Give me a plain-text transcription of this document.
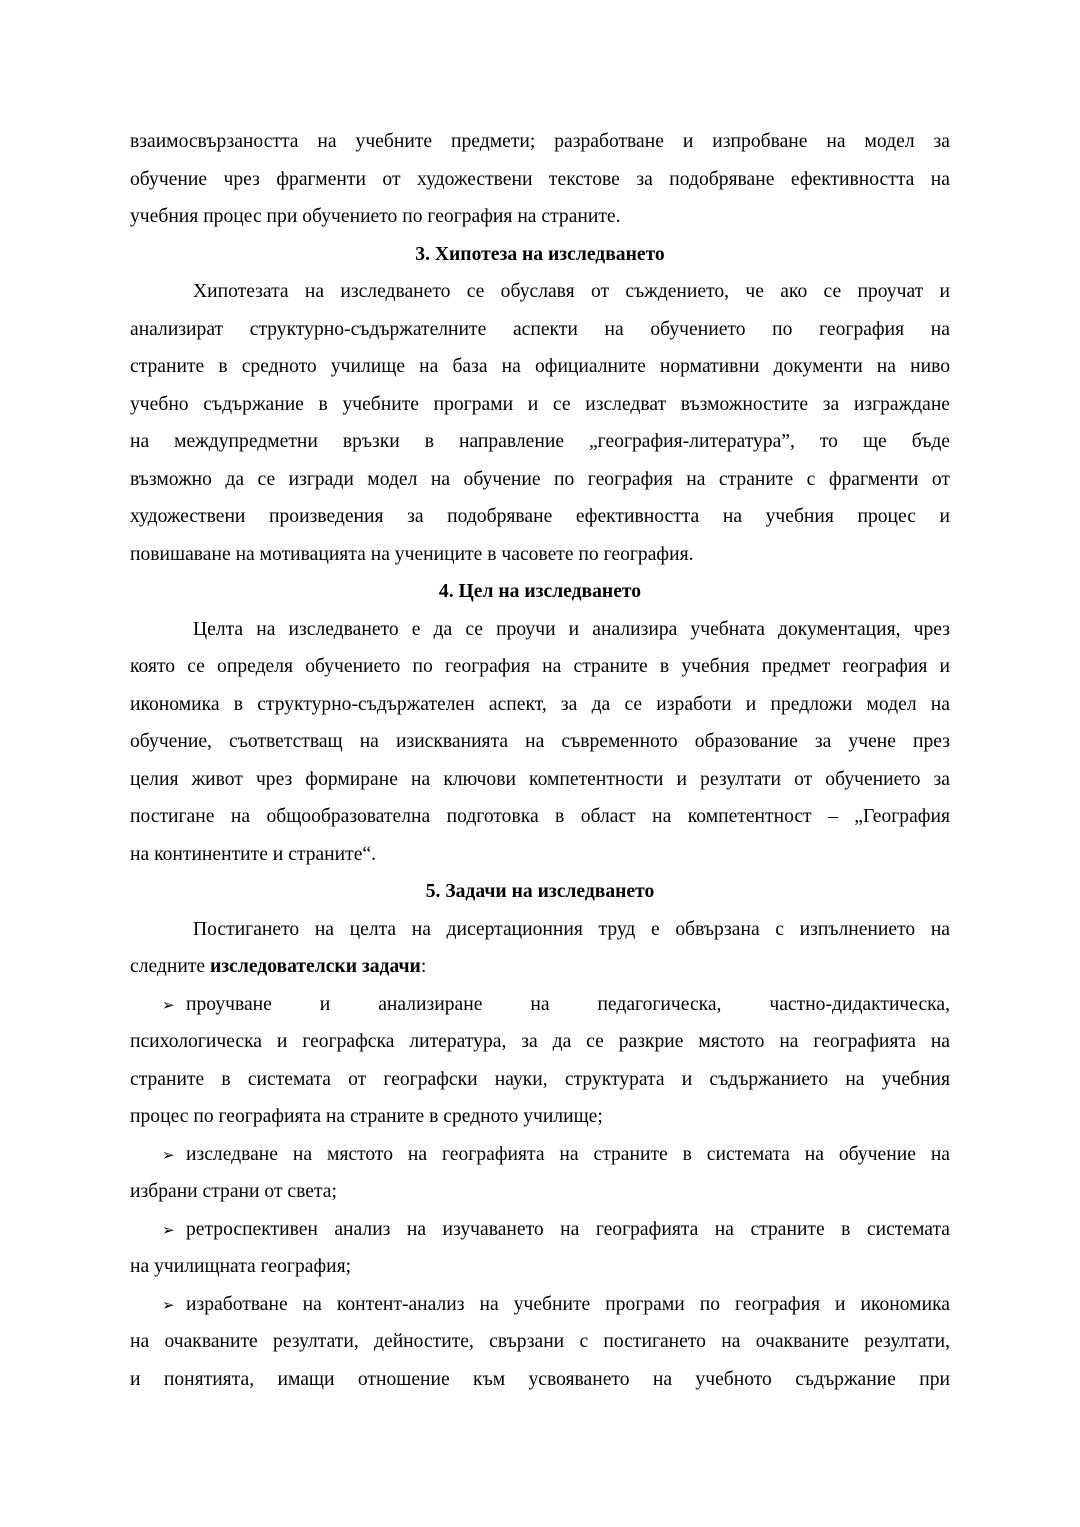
взаимосвързаността на учебните предмети; разработване и изпробване на модел за
обучение чрез фрагменти от художествени текстове за подобряване ефективността на
учебния процес при обучението по география на страните.
3. Хипотеза на изследването
Хипотезата на изследването се обуславя от съждението, че ако се проучат и
анализират структурно-съдържателните аспекти на обучението по география на
страните в средното училище на база на официалните нормативни документи на ниво
учебно съдържание в учебните програми и се изследват възможностите за изграждане
на междупредметни връзки в направление „география-литература”, то ще бъде
възможно да се изгради модел на обучение по география на страните с фрагменти от
художествени произведения за подобряване ефективността на учебния процес и
повишаване на мотивацията на учениците в часовете по география.
4. Цел на изследването
Целта на изследването е да се проучи и анализира учебната документация, чрез
която се определя обучението по география на страните в учебния предмет география и
икономика в структурно-съдържателен аспект, за да се изработи и предложи модел на
обучение, съответстващ на изискванията на съвременното образование за учене през
целия живот чрез формиране на ключови компетентности и резултати от обучението за
постигане на общообразователна подготовка в област на компетентност – „География
на континентите и страните“.
5. Задачи на изследването
Постигането на целта на дисертационния труд е обвързана с изпълнението на
следните изследователски задачи:
➢ проучване и анализиране на педагогическа, частно-дидактическа,
психологическа и географска литература, за да се разкрие мястото на географията на
страните в системата от географски науки, структурата и съдържанието на учебния
процес по географията на страните в средното училище;
➢ изследване на мястото на географията на страните в системата на обучение на
избрани страни от света;
➢ ретроспективен анализ на изучаването на географията на страните в системата
на училищната география;
➢ изработване на контент-анализ на учебните програми по география и икономика
на очакваните резултати, дейностите, свързани с постигането на очакваните резултати,
и понятията, имащи отношение към усвояването на учебното съдържание при
